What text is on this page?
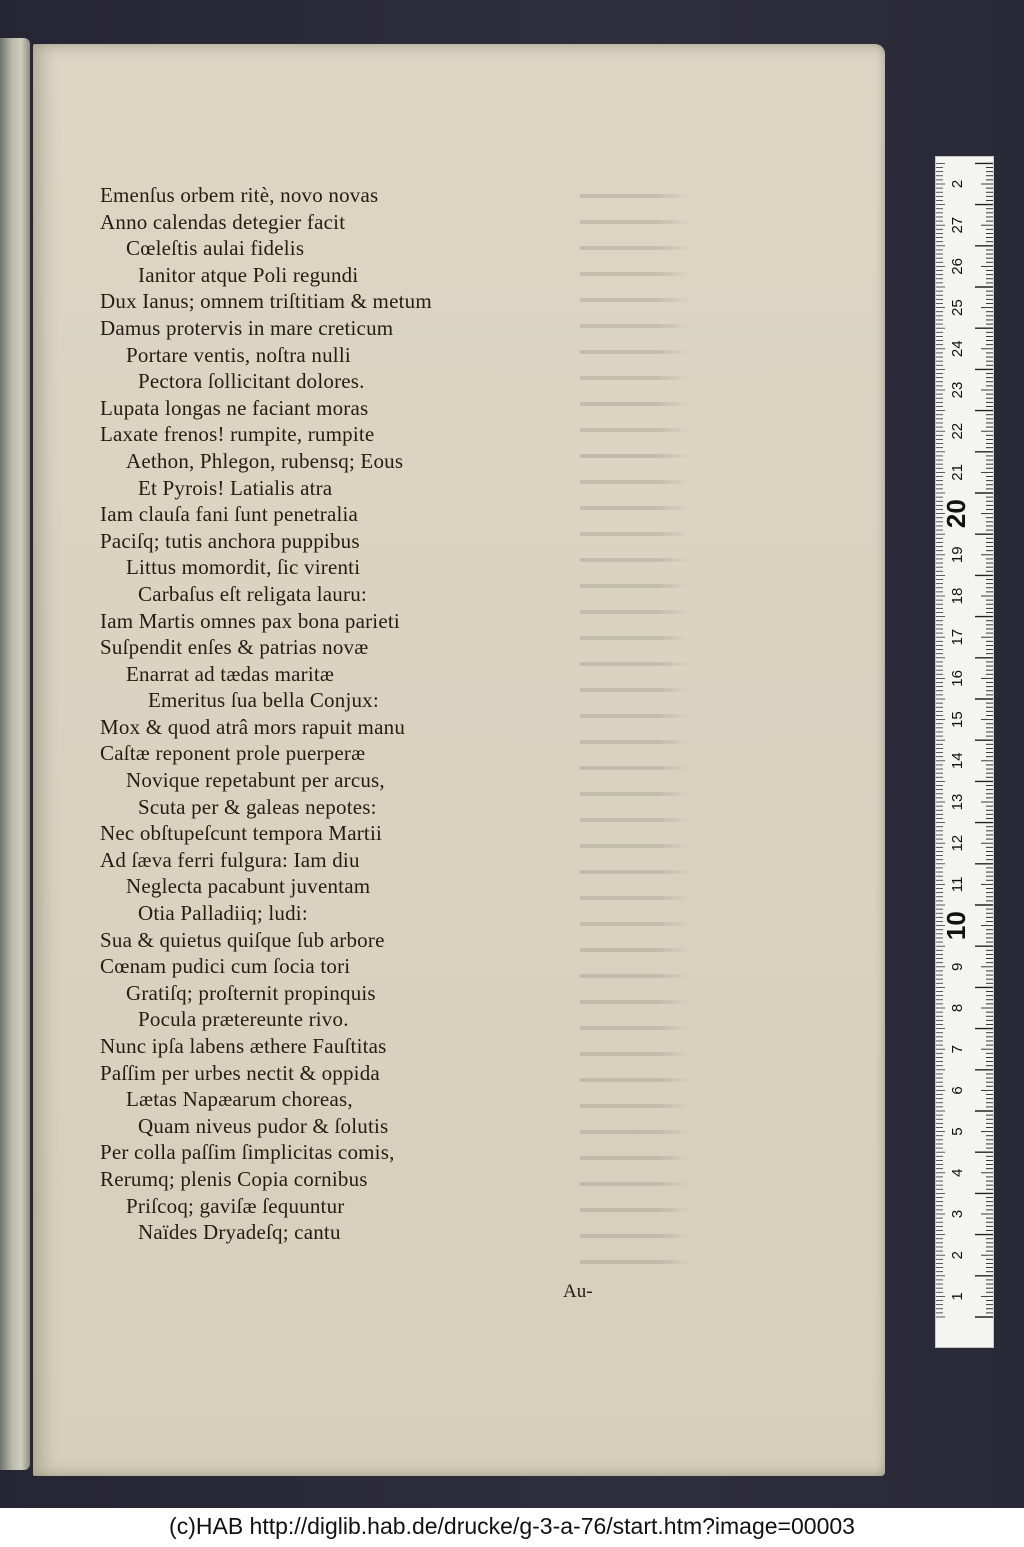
Emenſus orbem ritè, novo novas
Anno calendas detegier facit
Cœleſtis aulai fidelis
Ianitor atque Poli regundi
Dux Ianus; omnem triſtitiam & metum
Damus protervis in mare creticum
Portare ventis, noſtra nulli
Pectora ſollicitant dolores.
Lupata longas ne faciant moras
Laxate frenos! rumpite, rumpite
Aethon, Phlegon, rubensq; Eous
Et Pyrois! Latialis atra
Iam clauſa fani ſunt penetralia
Paciſq; tutis anchora puppibus
Littus momordit, ſic virenti
Carbaſus eſt religata lauru:
Iam Martis omnes pax bona parieti
Suſpendit enſes & patrias novæ
Enarrat ad tædas maritæ
Emeritus ſua bella Conjux:
Mox & quod atrâ mors rapuit manu
Caſtæ reponent prole puerperæ
Novique repetabunt per arcus,
Scuta per & galeas nepotes:
Nec obſtupeſcunt tempora Martii
Ad ſæva ferri fulgura: Iam diu
Neglecta pacabunt juventam
Otia Palladiiq; ludi:
Sua & quietus quiſque ſub arbore
Cœnam pudici cum ſocia tori
Gratiſq; proſternit propinquis
Pocula prætereunte rivo.
Nunc ipſa labens æthere Fauſtitas
Paſſim per urbes nectit & oppida
Lætas Napæarum choreas,
Quam niveus pudor & ſolutis
Per colla paſſim ſimplicitas comis,
Rerumq; plenis Copia cornibus
Priſcoq; gaviſæ ſequuntur
Naïdes Dryadeſq; cantu
Au-	1
2
3
4
5
6
7
8
9
10
11
12
13
14
15
16
17
18
19
20
21
22
23
24
25
26
27
2
(c)HAB http://diglib.hab.de/drucke/g-3-a-76/start.htm?image=00003
